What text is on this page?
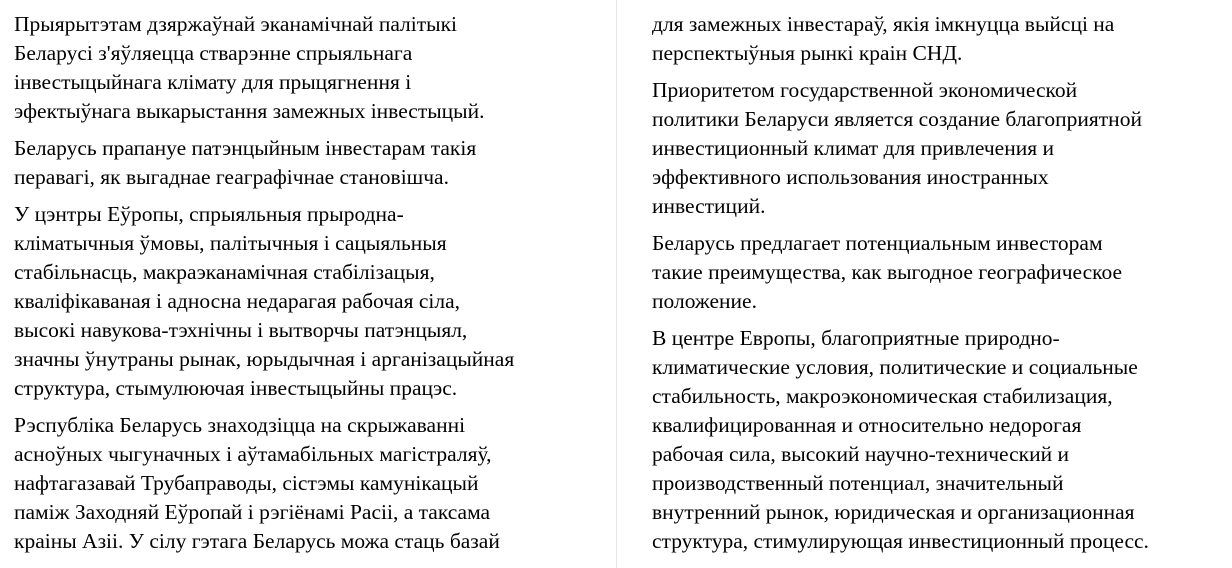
Прыярытэтам дзяржаўнай эканамічнай палітыкі
Беларусі з'яўляецца стварэнне спрыяльнага
інвестыцыйнага клімату для прыцягнення і
эфектыўнага выкарыстання замежных інвестыцый.
Беларусь прапануе патэнцыйным інвестарам такія
перавагі, як выгаднае геаграфічнае становішча.
У цэнтры Еўропы, спрыяльныя прыродна-
кліматычныя ўмовы, палітычныя і сацыяльныя
стабільнасць, макраэканамічная стабілізацыя,
кваліфікаваная і адносна недарагая рабочая сіла,
высокі навукова-тэхнічны і вытворчы патэнцыял,
значны ўнутраны рынак, юрыдычная і арганізацыйная
структура, стымулюючая інвестыцыйны працэс.
Рэспубліка Беларусь знаходзіцца на скрыжаванні
асноўных чыгуначных і аўтамабільных магістраляў,
нафтагазавай Трубаправоды, сістэмы камунікацый
паміж Заходняй Еўропай і рэгіёнамі Расіі, а таксама
краіны Азіі. У сілу гэтага Беларусь можа стаць базай
для замежных інвестараў, якія імкнуцца выйсці на
перспектыўныя рынкі краін СНД.
Приоритетом государственной экономической
политики Беларуси является создание благоприятной
инвестиционный климат для привлечения и
эффективного использования иностранных
инвестиций.
Беларусь предлагает потенциальным инвесторам
такие преимущества, как выгодное географическое
положение.
В центре Европы, благоприятные природно-
климатические условия, политические и социальные
стабильность, макроэкономическая стабилизация,
квалифицированная и относительно недорогая
рабочая сила, высокий научно-технический и
производственный потенциал, значительный
внутренний рынок, юридическая и организационная
структура, стимулирующая инвестиционный процесс.
